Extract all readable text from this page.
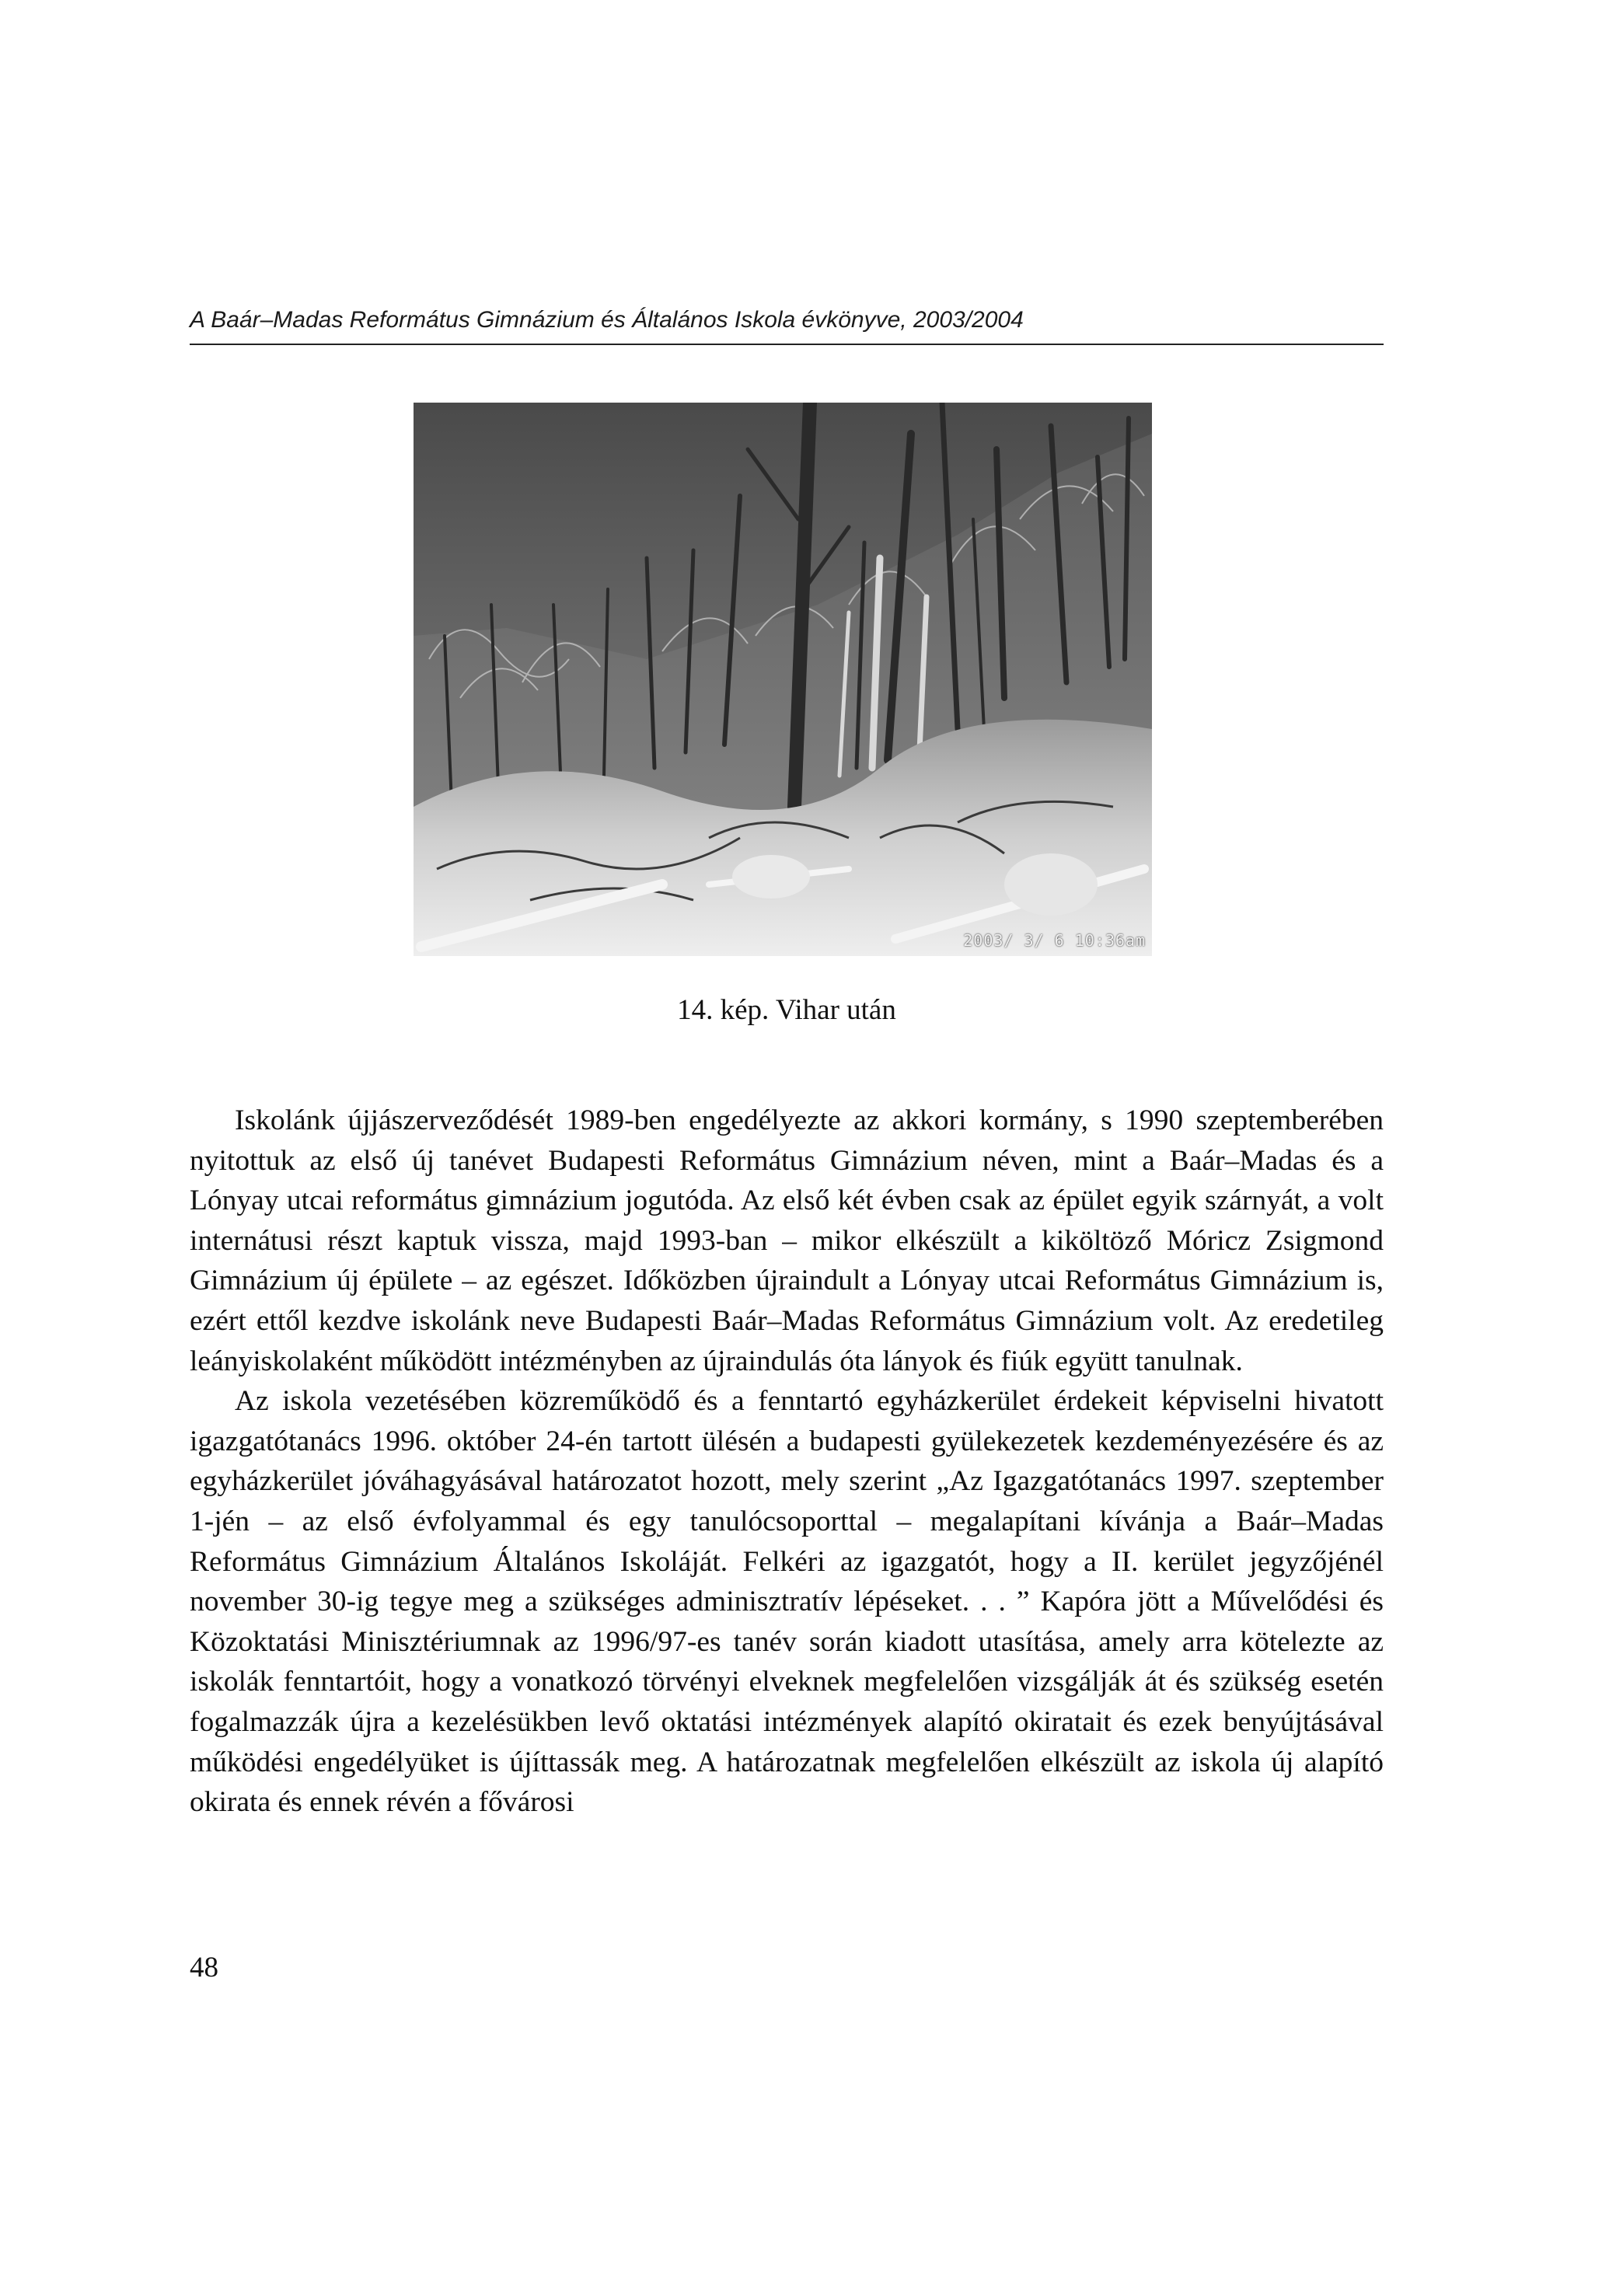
A Baár–Madas Református Gimnázium és Általános Iskola évkönyve, 2003/2004
2003/ 3/ 6 10:36am
14. kép. Vihar után

Iskolánk újjászerveződését 1989-ben engedélyezte az akkori kormány, s 1990 szeptemberében nyitottuk az első új tanévet Budapesti Református Gimnázium néven, mint a Baár–Madas és a Lónyay utcai református gimnázium jogutóda. Az első két évben csak az épület egyik szárnyát, a volt internátusi részt kaptuk vissza, majd 1993-ban – mikor elkészült a kiköltöző Móricz Zsigmond Gimnázium új épülete – az egészet. Időközben újraindult a Lónyay utcai Református Gimnázium is, ezért ettől kezdve iskolánk neve Budapesti Baár–Madas Református Gimnázium volt. Az eredetileg leányiskolaként működött intézményben az újraindulás óta lányok és fiúk együtt tanulnak.

Az iskola vezetésében közreműködő és a fenntartó egyházkerület érdekeit képviselni hivatott igazgatótanács 1996. október 24-én tartott ülésén a budapesti gyülekezetek kezdeményezésére és az egyházkerület jóváhagyásával határozatot hozott, mely szerint „Az Igazgatótanács 1997. szeptember 1-jén – az első évfolyammal és egy tanulócsoporttal – megalapítani kívánja a Baár–Madas Református Gimnázium Általános Iskoláját. Felkéri az igazgatót, hogy a II. kerület jegyzőjénél november 30-ig tegye meg a szükséges adminisztratív lépéseket. . . ” Kapóra jött a Művelődési és Közoktatási Minisztériumnak az 1996/97-es tanév során kiadott utasítása, amely arra kötelezte az iskolák fenntartóit, hogy a vonatkozó törvényi elveknek megfelelően vizsgálják át és szükség esetén fogalmazzák újra a kezelésükben levő oktatási intézmények alapító okiratait és ezek benyújtásával működési engedélyüket is újíttassák meg. A határozatnak megfelelően elkészült az iskola új alapító okirata és ennek révén a fővárosi

48
